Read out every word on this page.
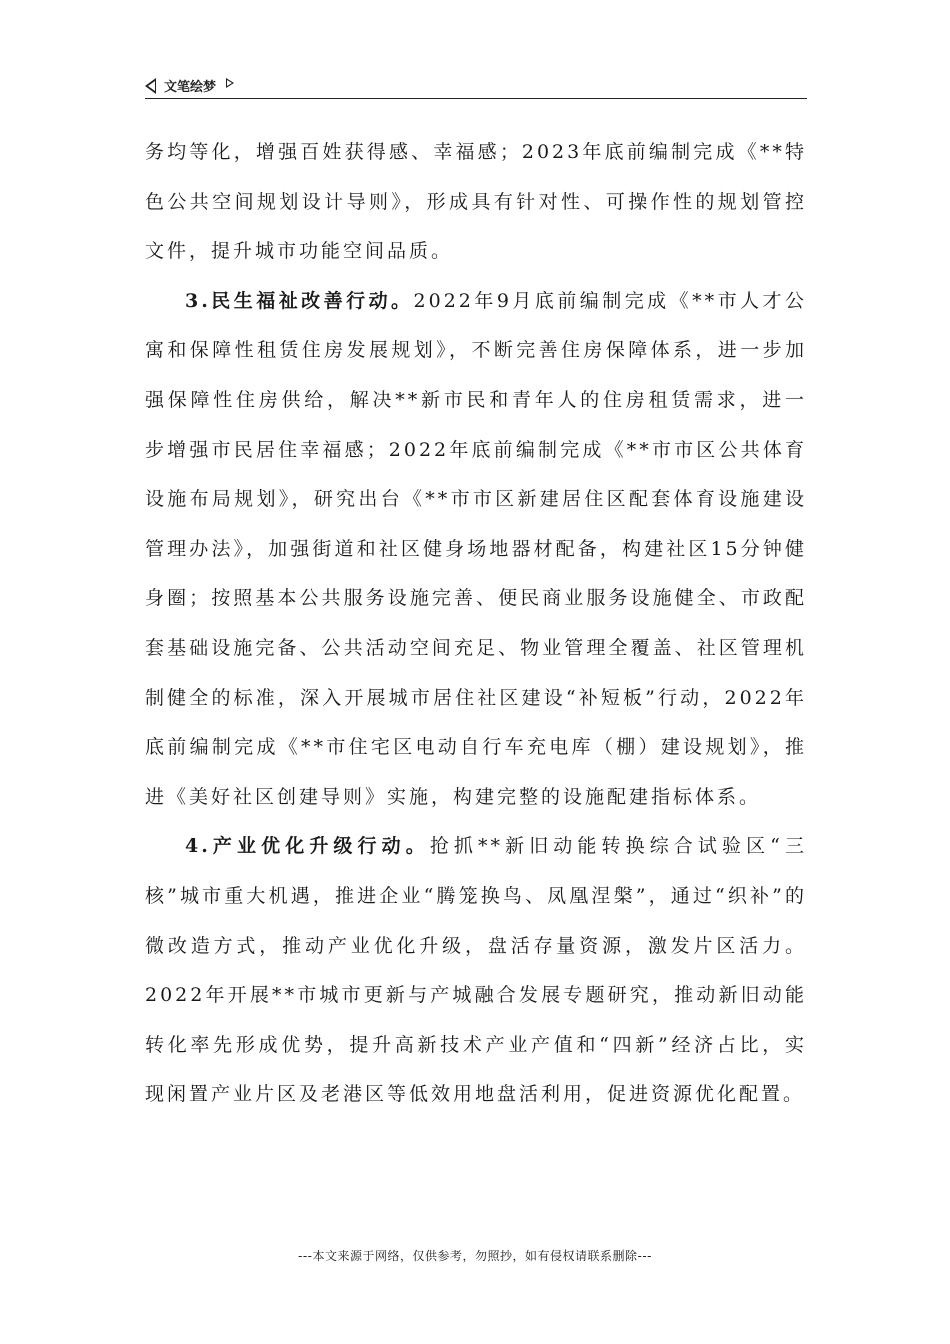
文笔绘梦

务均等化，增强百姓获得感、幸福感；2023年底前编制完成《**特色公共空间规划设计导则》，形成具有针对性、可操作性的规划管控文件，提升城市功能空间品质。

3.民生福祉改善行动。2022年9月底前编制完成《**市人才公寓和保障性租赁住房发展规划》，不断完善住房保障体系，进一步加强保障性住房供给，解决**新市民和青年人的住房租赁需求，进一步增强市民居住幸福感；2022年底前编制完成《**市市区公共体育设施布局规划》，研究出台《**市市区新建居住区配套体育设施建设管理办法》，加强街道和社区健身场地器材配备，构建社区15分钟健身圈；按照基本公共服务设施完善、便民商业服务设施健全、市政配套基础设施完备、公共活动空间充足、物业管理全覆盖、社区管理机制健全的标准，深入开展城市居住社区建设“补短板”行动，2022年底前编制完成《**市住宅区电动自行车充电库（棚）建设规划》，推进《美好社区创建导则》实施，构建完整的设施配建指标体系。

4.产业优化升级行动。抢抓**新旧动能转换综合试验区“三核”城市重大机遇，推进企业“腾笼换鸟、凤凰涅槃”，通过“织补”的微改造方式，推动产业优化升级，盘活存量资源，激发片区活力。2022年开展**市城市更新与产城融合发展专题研究，推动新旧动能转化率先形成优势，提升高新技术产业产值和“四新”经济占比，实现闲置产业片区及老港区等低效用地盘活利用，促进资源优化配置。

---本文来源于网络，仅供参考，勿照抄，如有侵权请联系删除---
